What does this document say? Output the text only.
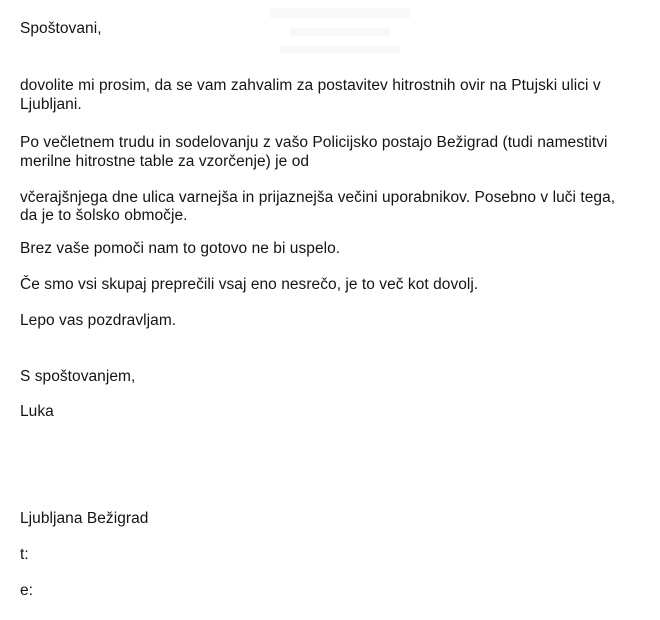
Spoštovani,

dovolite mi prosim, da se vam zahvalim za postavitev hitrostnih ovir na Ptujski ulici v

Ljubljani.

Po večletnem trudu in sodelovanju z vašo Policijsko postajo Bežigrad (tudi namestitvi

merilne hitrostne table za vzorčenje) je od

včerajšnjega dne ulica varnejša in prijaznejša večini uporabnikov. Posebno v luči tega,

da je to šolsko območje.

Brez vaše pomoči nam to gotovo ne bi uspelo.

Če smo vsi skupaj preprečili vsaj eno nesrečo, je to več kot dovolj.

Lepo vas pozdravljam.

S spoštovanjem,

Luka

Ljubljana Bežigrad

t:

e:
